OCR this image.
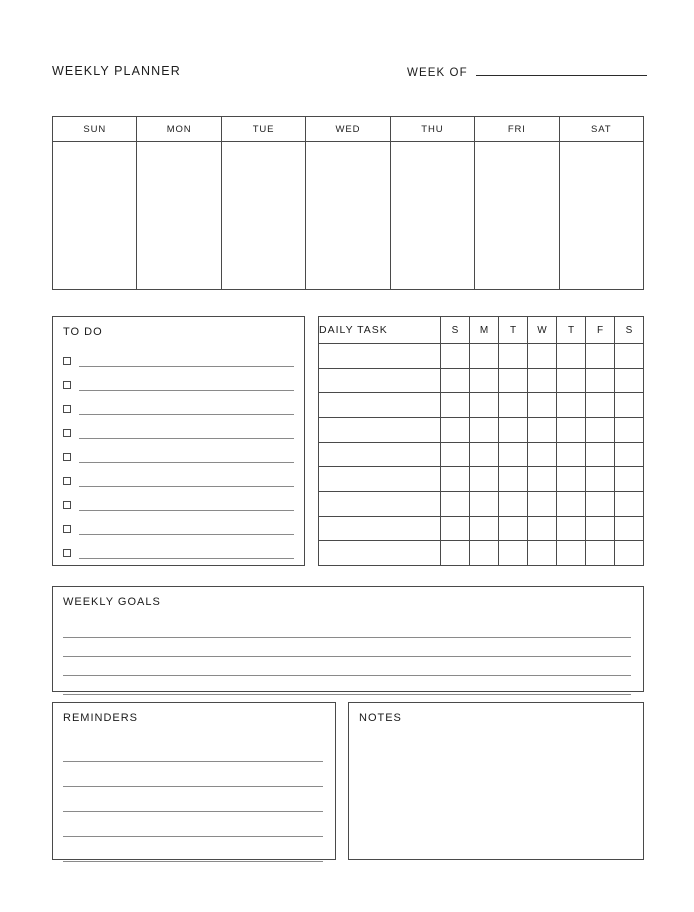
WEEKLY PLANNER	WEEK OF
SUN	MON	TUE	WED	THU	FRI	SAT
TO DO	DAILY TASK	S	M	T	W	T	F	S

WEEKLY GOALS
REMINDERS	NOTES
